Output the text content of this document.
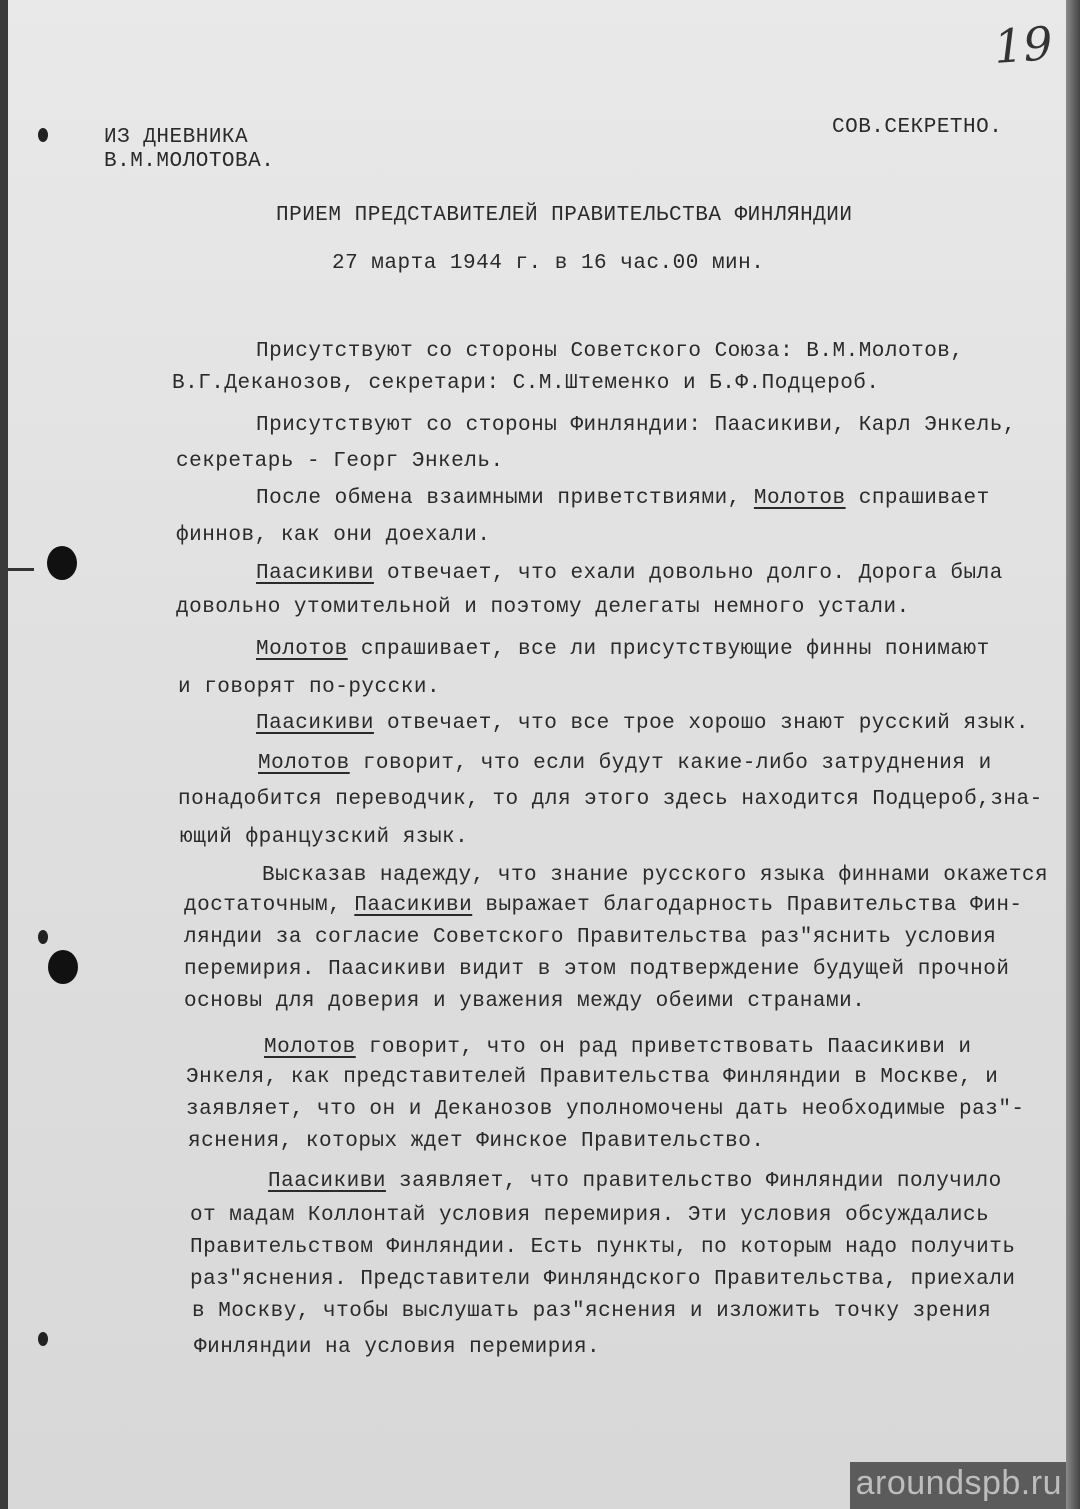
19
ИЗ ДНЕВНИКА
В.М.МОЛОТОВА.
СОВ.СЕКРЕТНО.
ПРИЕМ ПРЕДСТАВИТЕЛЕЙ ПРАВИТЕЛЬСТВА ФИНЛЯНДИИ
27 марта 1944 г. в 16 час.00 мин.
Присутствуют со стороны Советского Союза: В.М.Молотов,
В.Г.Деканозов, секретари: С.М.Штеменко и Б.Ф.Подцероб.
Присутствуют со стороны Финляндии: Паасикиви, Карл Энкель,
секретарь - Георг Энкель.
После обмена взаимными приветствиями, Молотов спрашивает
финнов, как они доехали.
Паасикиви отвечает, что ехали довольно долго. Дорога была
довольно утомительной и поэтому делегаты немного устали.
Молотов спрашивает, все ли присутствующие финны понимают
и говорят по-русски.
Паасикиви отвечает, что все трое хорошо знают русский язык.
Молотов говорит, что если будут какие-либо затруднения и
понадобится переводчик, то для этого здесь находится Подцероб,зна-
ющий французский язык.
Высказав надежду, что знание русского языка финнами окажется
достаточным, Паасикиви выражает благодарность Правительства Фин-
ляндии за согласие Советского Правительства раз"яснить условия
перемирия. Паасикиви видит в этом подтверждение будущей прочной
основы для доверия и уважения между обеими странами.
Молотов говорит, что он рад приветствовать Паасикиви и
Энкеля, как представителей Правительства Финляндии в Москве, и
заявляет, что он и Деканозов уполномочены дать необходимые раз"-
яснения, которых ждет Финское Правительство.
Паасикиви заявляет, что правительство Финляндии получило
от мадам Коллонтай условия перемирия. Эти условия обсуждались
Правительством Финляндии. Есть пункты, по которым надо получить
раз"яснения. Представители Финляндского Правительства, приехали
в Москву, чтобы выслушать раз"яснения и изложить точку зрения
Финляндии на условия перемирия.
aroundspb.ru
